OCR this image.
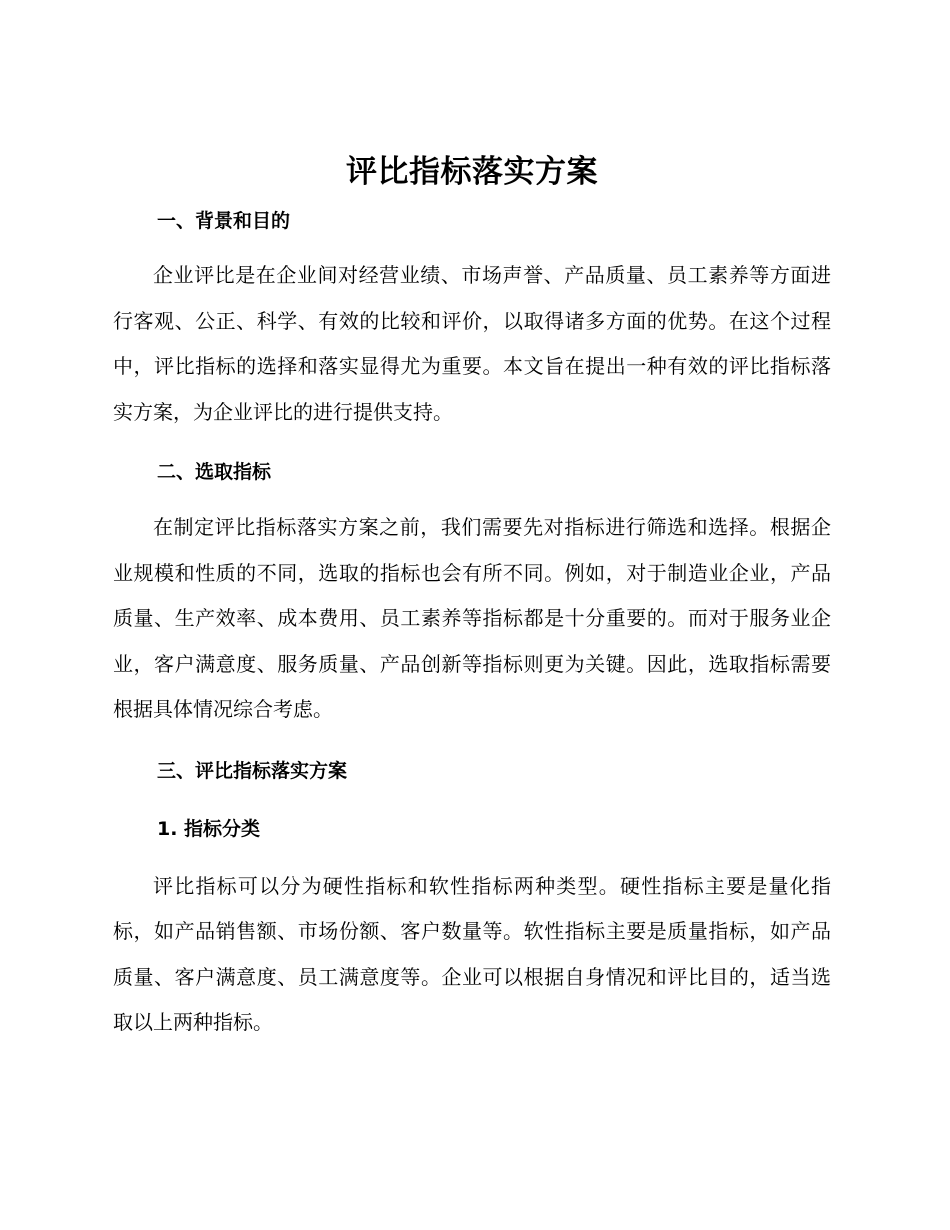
评比指标落实方案
一、背景和目的

企业评比是在企业间对经营业绩、市场声誉、产品质量、员工素养等方面进行客观、公正、科学、有效的比较和评价，以取得诸多方面的优势。在这个过程中，评比指标的选择和落实显得尤为重要。本文旨在提出一种有效的评比指标落实方案，为企业评比的进行提供支持。

二、选取指标

在制定评比指标落实方案之前，我们需要先对指标进行筛选和选择。根据企业规模和性质的不同，选取的指标也会有所不同。例如，对于制造业企业，产品质量、生产效率、成本费用、员工素养等指标都是十分重要的。而对于服务业企业，客户满意度、服务质量、产品创新等指标则更为关键。因此，选取指标需要根据具体情况综合考虑。

三、评比指标落实方案
1. 指标分类

评比指标可以分为硬性指标和软性指标两种类型。硬性指标主要是量化指标，如产品销售额、市场份额、客户数量等。软性指标主要是质量指标，如产品质量、客户满意度、员工满意度等。企业可以根据自身情况和评比目的，适当选取以上两种指标。
